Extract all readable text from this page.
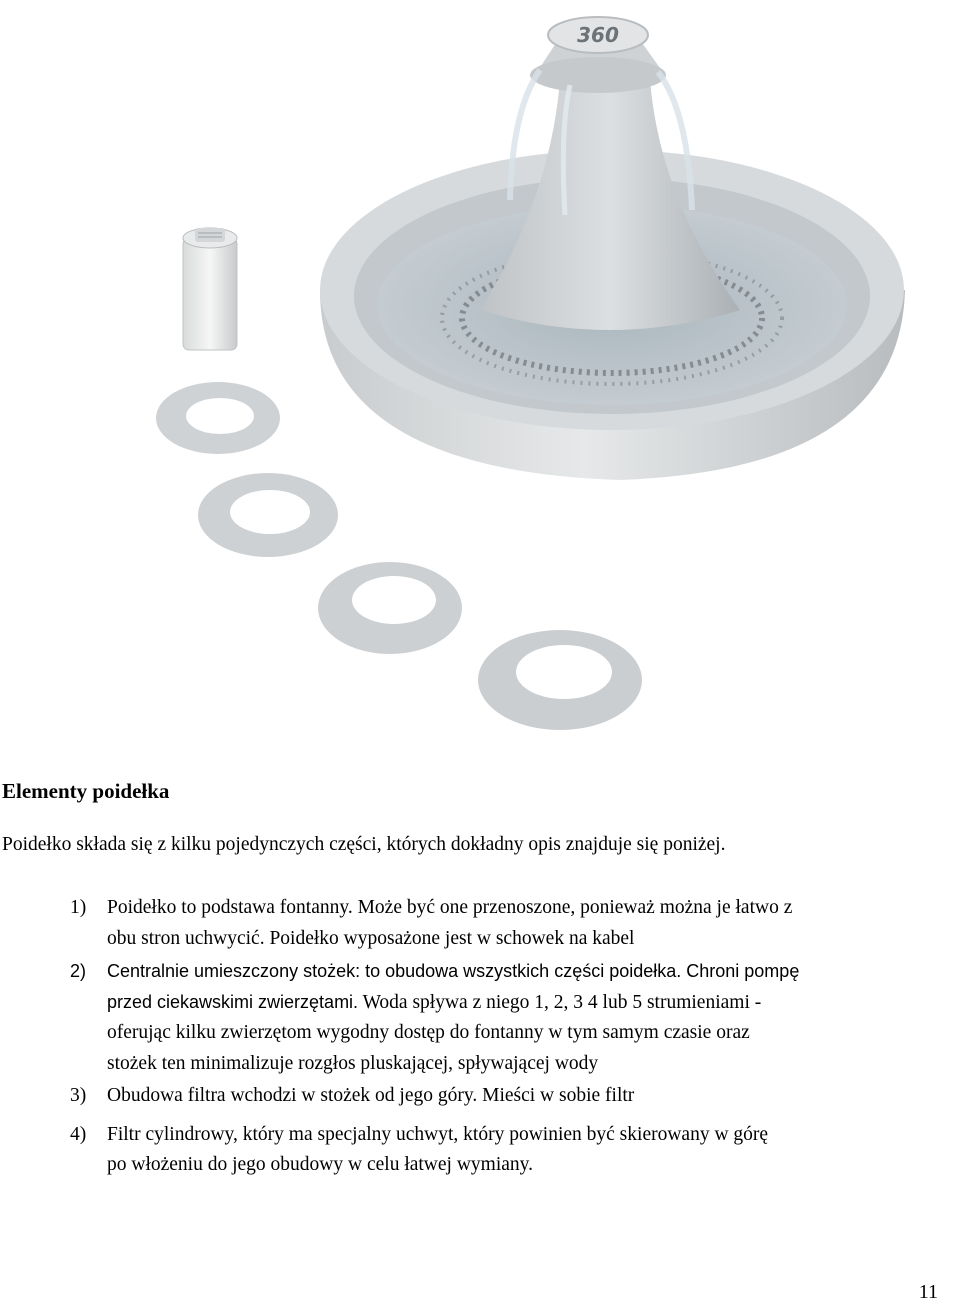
360
Elementy poidełka

Poidełko składa się z kilku pojedynczych części, których dokładny opis znajduje się poniżej.

1) Poidełko to podstawa fontanny. Może być one przenoszone, ponieważ można je łatwo z
obu stron uchwycić. Poidełko wyposażone jest w schowek na kabel
2) Centralnie umieszczony stożek: to obudowa wszystkich części poidełka. Chroni pompę
przed ciekawskimi zwierzętami. Woda spływa z niego 1, 2, 3 4 lub 5 strumieniami -
oferując kilku zwierzętom wygodny dostęp do fontanny w tym samym czasie oraz
stożek ten minimalizuje rozgłos pluskającej, spływającej wody
3) Obudowa filtra wchodzi w stożek od jego góry. Mieści w sobie filtr
4) Filtr cylindrowy, który ma specjalny uchwyt, który powinien być skierowany w górę
po włożeniu do jego obudowy w celu łatwej wymiany.
11
